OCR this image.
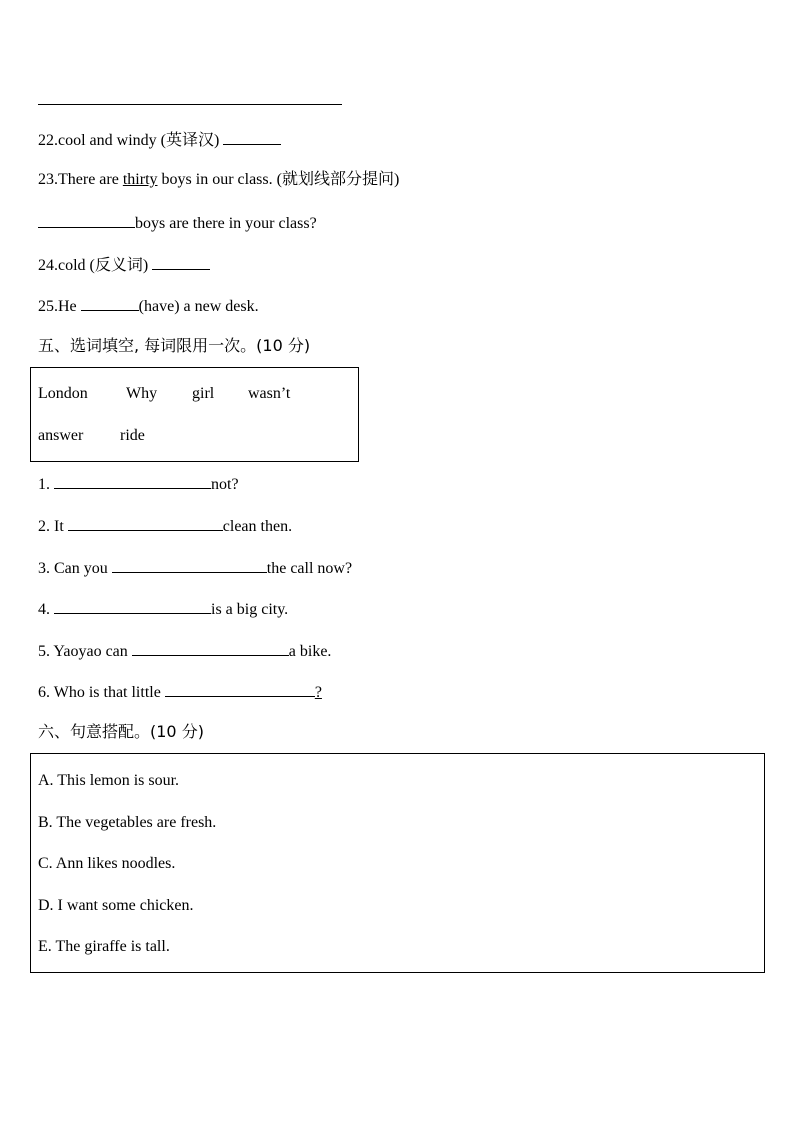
22.cool and windy (英译汉)
23.There are thirty boys in our class. (就划线部分提问)
boys are there in your class?
24.cold (反义词)
25.He	(have) a new desk.
五、选词填空, 每词限用一次。(10 分)
London Why girl wasn’t
answer ride
1.	not?
2. It	clean then.
3. Can you	the call now?
4.	is a big city.
5. Yaoyao can	a bike.
6. Who is that little	?
六、句意搭配。(10 分)
A. This lemon is sour.
B. The vegetables are fresh.
C. Ann likes noodles.
D. I want some chicken.
E. The giraffe is tall.
